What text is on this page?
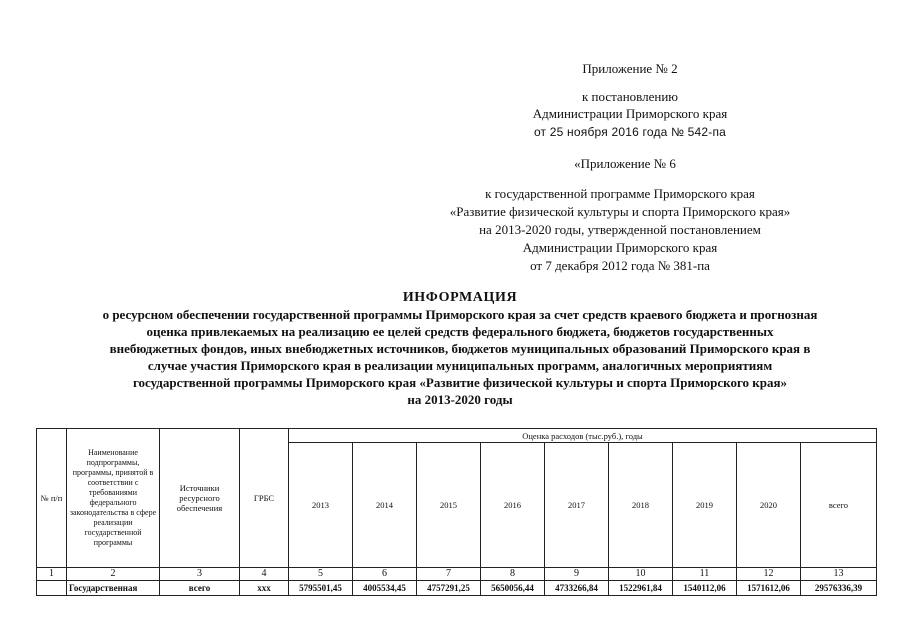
Приложение № 2
к постановлению
Администрации Приморского края
от 25 ноября 2016 года № 542-па
«Приложение № 6
к государственной программе Приморского края
«Развитие физической культуры и спорта Приморского края»
на 2013-2020 годы, утвержденной постановлением
Администрации Приморского края
от 7 декабря 2012 года № 381-па
ИНФОРМАЦИЯ
о ресурсном обеспечении государственной программы Приморского края за счет средств краевого бюджета и прогнозная
оценка привлекаемых на реализацию ее целей средств федерального бюджета, бюджетов государственных
внебюджетных фондов, иных внебюджетных источников, бюджетов муниципальных образований Приморского края в
случае участия Приморского края в реализации муниципальных программ, аналогичных мероприятиям
государственной программы Приморского края «Развитие физической культуры и спорта Приморского края»
на 2013-2020 годы
№ п/п	Наименование подпрограммы, программы, принятой в соответствии с требованиями федерального законодательства в сфере реализации государственной программы	Источники ресурсного обеспечения	ГРБС	Оценка расходов (тыс.руб.), годы								
				2013	2014	2015	2016	2017	2018	2019	2020	всего
1	2	3	4	5	6	7	8	9	10	11	12	13
	Государственная	всего	ххх	5795501,45	4005534,45	4757291,25	5650056,44	4733266,84	1522961,84	1540112,06	1571612,06	29576336,39
